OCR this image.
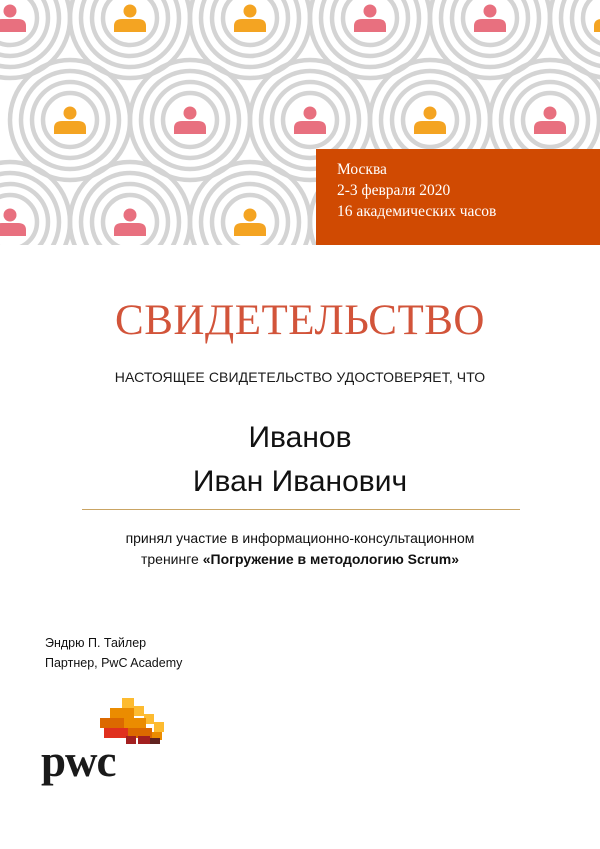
Москва
2-3 февраля 2020
16 академических часов
СВИДЕТЕЛЬСТВО
НАСТОЯЩЕЕ СВИДЕТЕЛЬСТВО УДОСТОВЕРЯЕТ, ЧТО
Иванов
Иван Иванович
принял участие в информационно-консультационном
тренинге «Погружение в методологию Scrum»
Эндрю П. Тайлер
Партнер, PwC Academy
pwc
